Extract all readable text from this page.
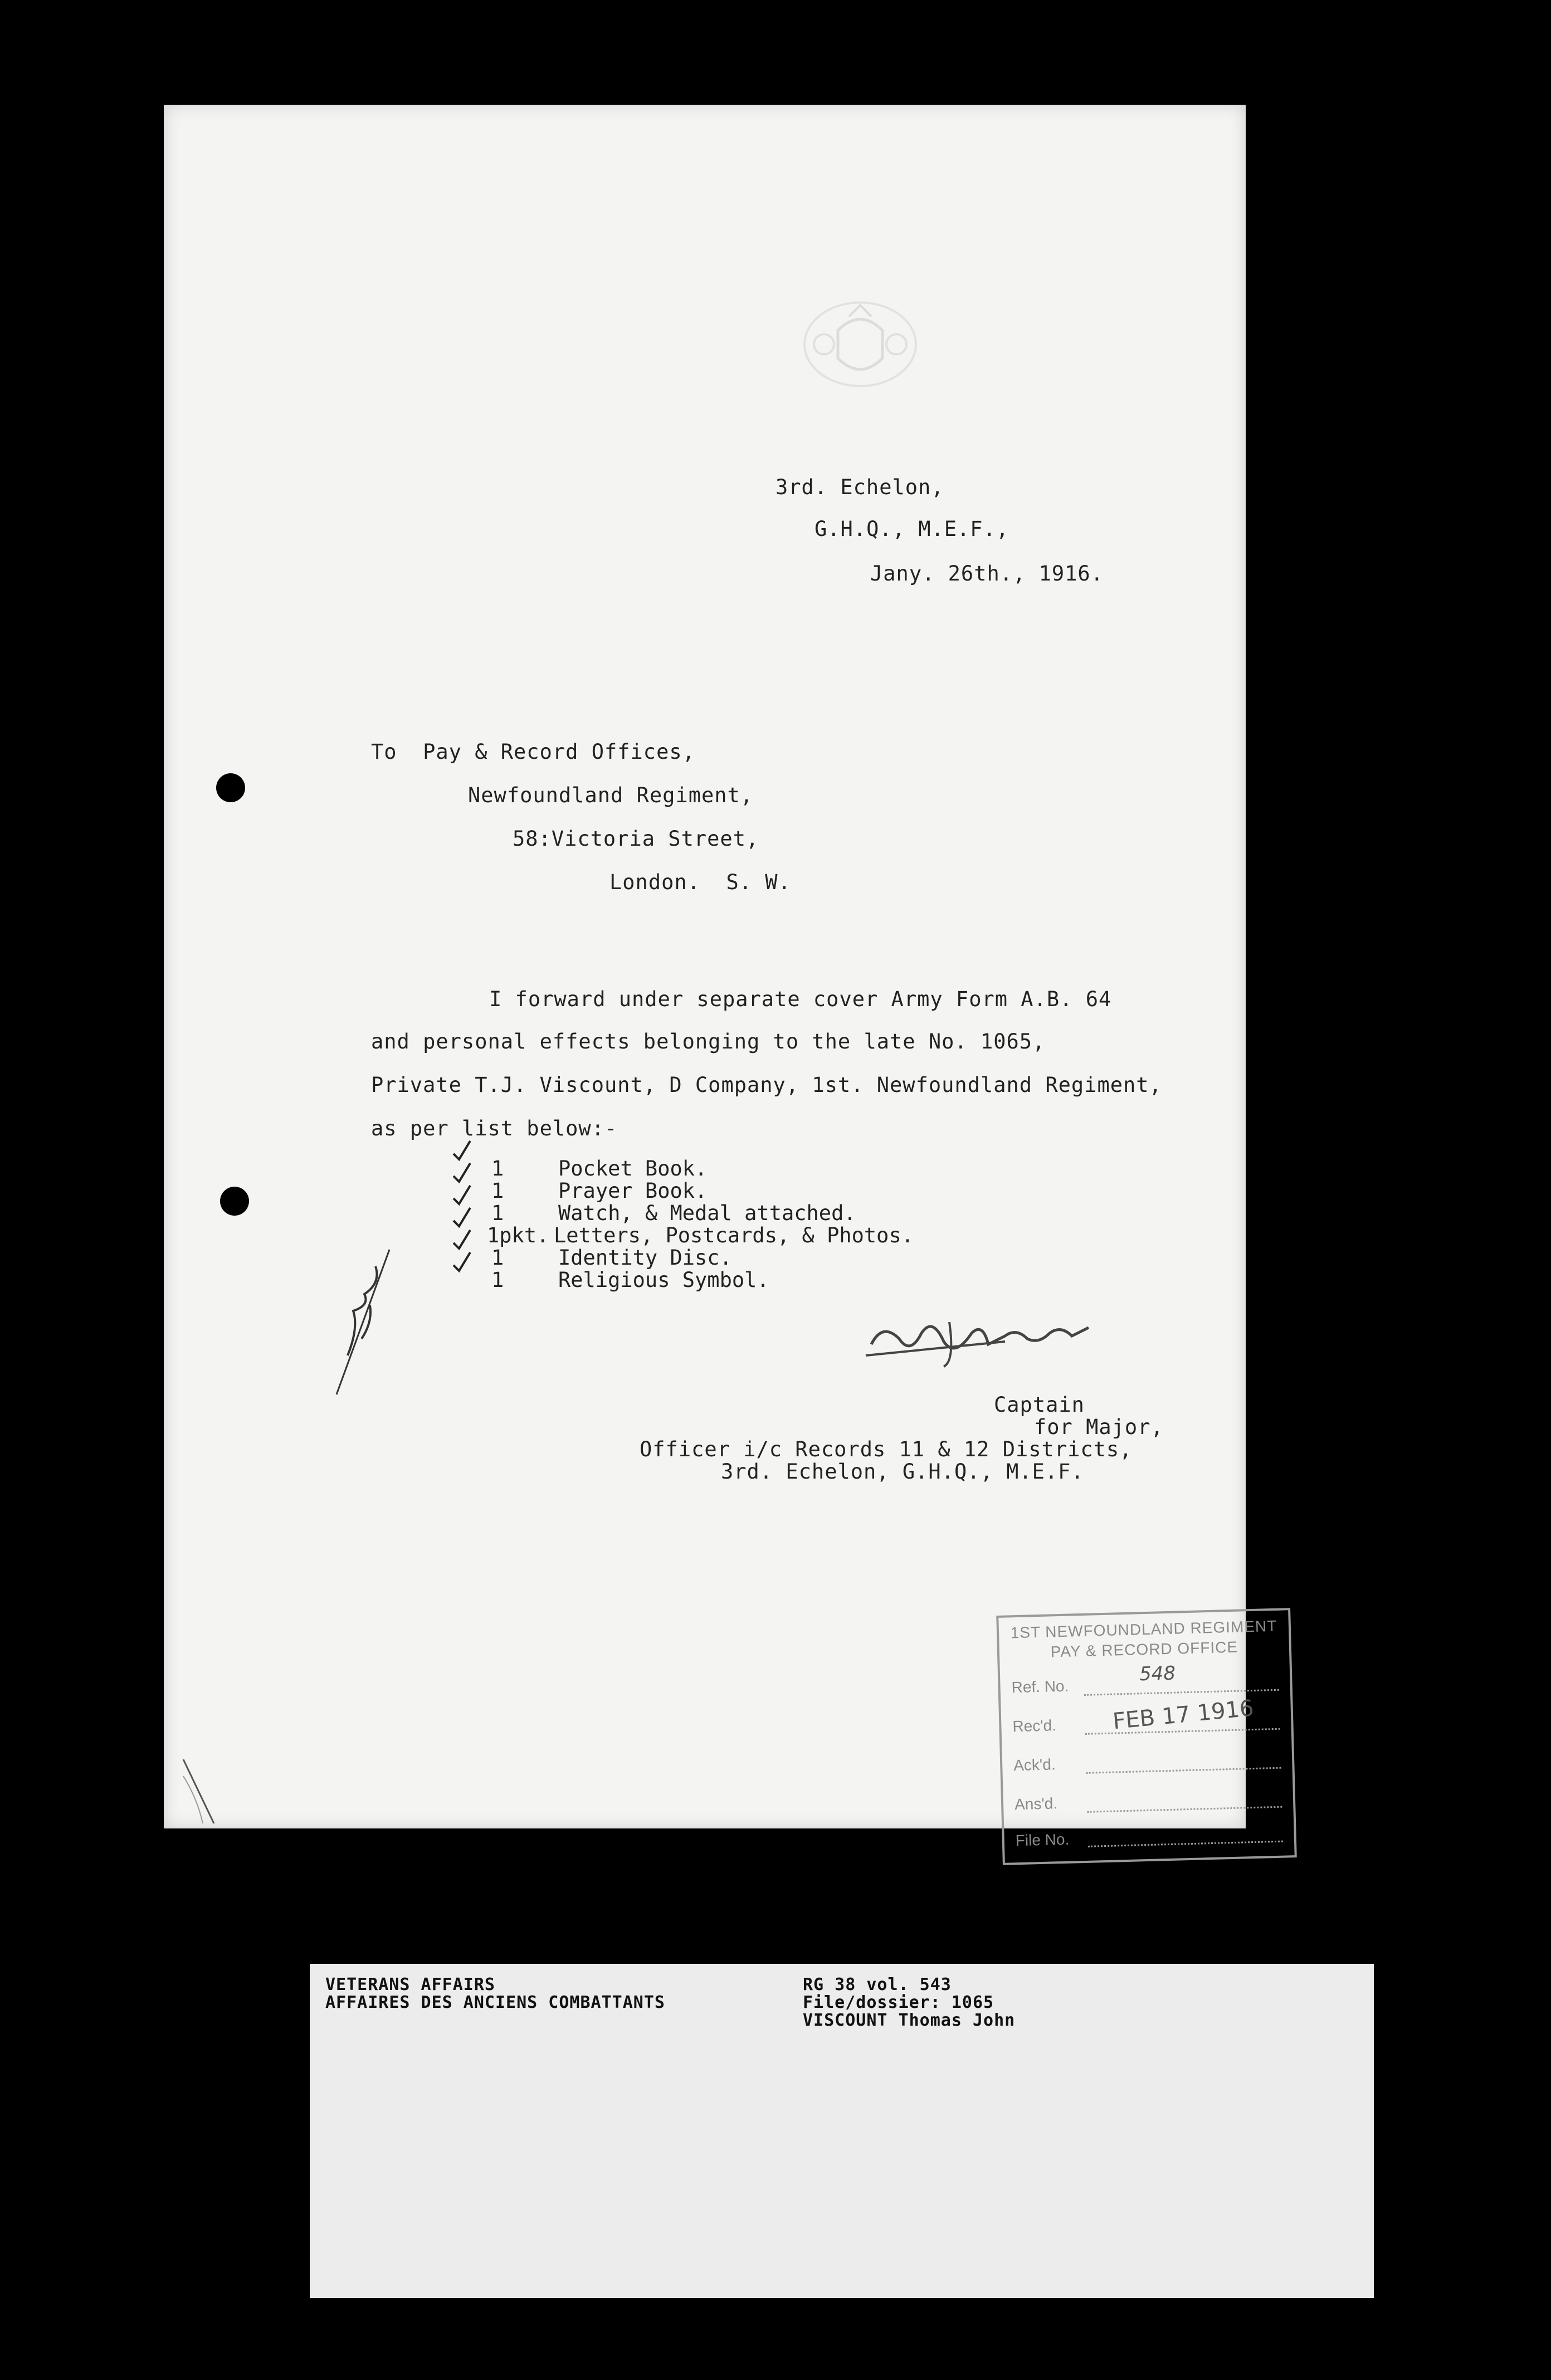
3rd. Echelon,
G.H.Q., M.E.F.,
Jany. 26th., 1916.
To  Pay & Record Offices,
Newfoundland Regiment,
58:Victoria Street,
London.  S. W.
I forward under separate cover Army Form A.B. 64
and personal effects belonging to the late No. 1065,
Private T.J. Viscount, D Company, 1st. Newfoundland Regiment,
as per list below:-
1	Pocket Book.
1	Prayer Book.
1	Watch, & Medal attached.
1pkt. Letters, Postcards, & Photos.
1	Identity Disc.
1	Religious Symbol.
Captain
for Major,
Officer i/c Records 11 & 12 Districts,
3rd. Echelon, G.H.Q., M.E.F.
1ST NEWFOUNDLAND REGIMENT
PAY & RECORD OFFICE
Ref. No.
548
Rec'd. FEB 17 1916
Ack'd.
Ans'd.
File No.
VETERANS AFFAIRS
AFFAIRES DES ANCIENS COMBATTANTS
RG 38 vol. 543
File/dossier: 1065
VISCOUNT Thomas John
